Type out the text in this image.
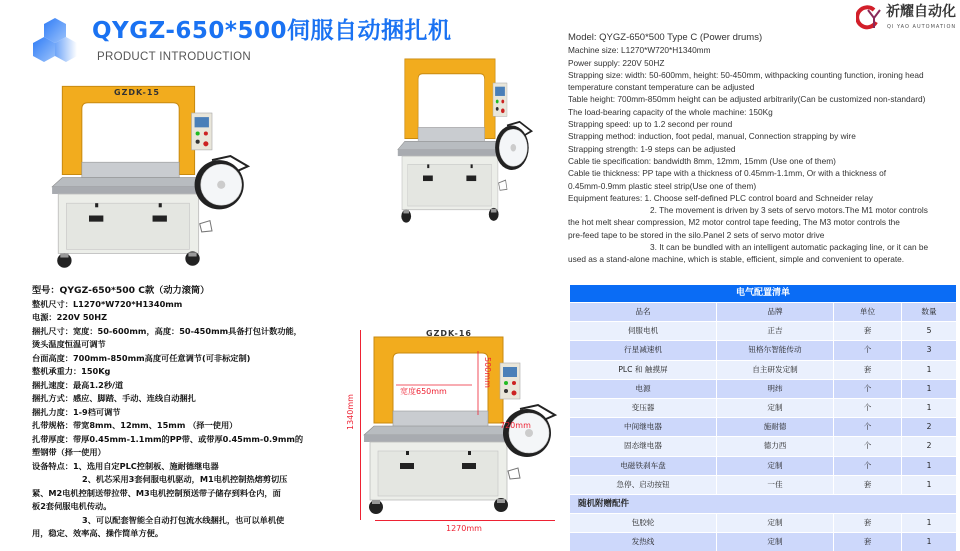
QYGZ-650*500伺服自动捆扎机
PRODUCT INTRODUCTION
祈耀自动化
QI YAO AUTOMATION
GZDK-15
GZDK-16
宽度650mm
500mm
720mm
1340mm
1270mm
Model: QYGZ-650*500 Type C (Power drums)
Machine size: L1270*W720*H1340mm
Power supply: 220V 50HZ
Strapping size: width: 50-600mm, height: 50-450mm, withpacking counting function, ironing head
temperature constant temperature can be adjusted
Table height: 700mm-850mm height can be adjusted arbitrarily(Can be customized non-standard)
The load-bearing capacity of the whole machine: 150Kg
Strapping speed: up to 1.2 second per round
Strapping method: induction, foot pedal, manual, Connection strapping by wire
Strapping strength: 1-9 steps can be adjusted
Cable tie specification: bandwidth 8mm, 12mm, 15mm (Use one of them)
Cable tie thickness: PP tape with a thickness of 0.45mm-1.1mm, Or with a thickness of
0.45mm-0.9mm plastic steel strip(Use one of them)
Equipment features: 1. Choose self-defined PLC control board and Schneider relay
2. The movement is driven by 3 sets of servo motors.The M1 motor controls
the hot melt shear compression, M2 motor control tape feeding, The M3 motor controls the
pre-feed tape to be stored in the silo.Panel 2 sets of servo motor drive
3. It can be bundled with an intelligent automatic packaging line, or it can be
used as a stand-alone machine, which is stable, efficient, simple and convenient to operate.
型号：QYGZ-650*500 C款（动力滚筒）
整机尺寸：L1270*W720*H1340mm
电源：220V 50HZ
捆扎尺寸：宽度：50-600mm，高度：50-450mm具备打包计数功能，
烫头温度恒温可调节
台面高度：700mm-850mm高度可任意调节(可非标定制)
整机承重力：150Kg
捆扎速度：最高1.2秒/道
捆扎方式：感应、脚踏、手动、连线自动捆扎
捆扎力度：1-9档可调节
扎带规格：带宽8mm、12mm、15mm （择一使用）
扎带厚度：带厚0.45mm-1.1mm的PP带、或带厚0.45mm-0.9mm的
塑钢带（择一使用）
设备特点：1、选用自定PLC控制板、施耐德继电器
2、机芯采用3套伺服电机驱动，M1电机控制热熔剪切压
紧、M2电机控制送带拉带、M3电机控制预送带子储存到料仓内，面
板2套伺服电机传动。
3、可以配套智能全自动打包流水线捆扎，也可以单机使
用，稳定、效率高、操作简单方便。
电气配置清单
品名	品牌	单位	数量
伺服电机	正吉	套	5
行星减速机	钮格尔智能传动	个	3
PLC 和 触摸屏	自主研发定制	套	1
电源	明纬	个	1
变压器	定制	个	1
中间继电器	施耐德	个	2
固态继电器	德力西	个	2
电磁铁刹车盘	定制	个	1
急停、启动按钮	一佳	套	1
随机附赠配件
包胶轮	定制	套	1
发热线	定制	套	1
